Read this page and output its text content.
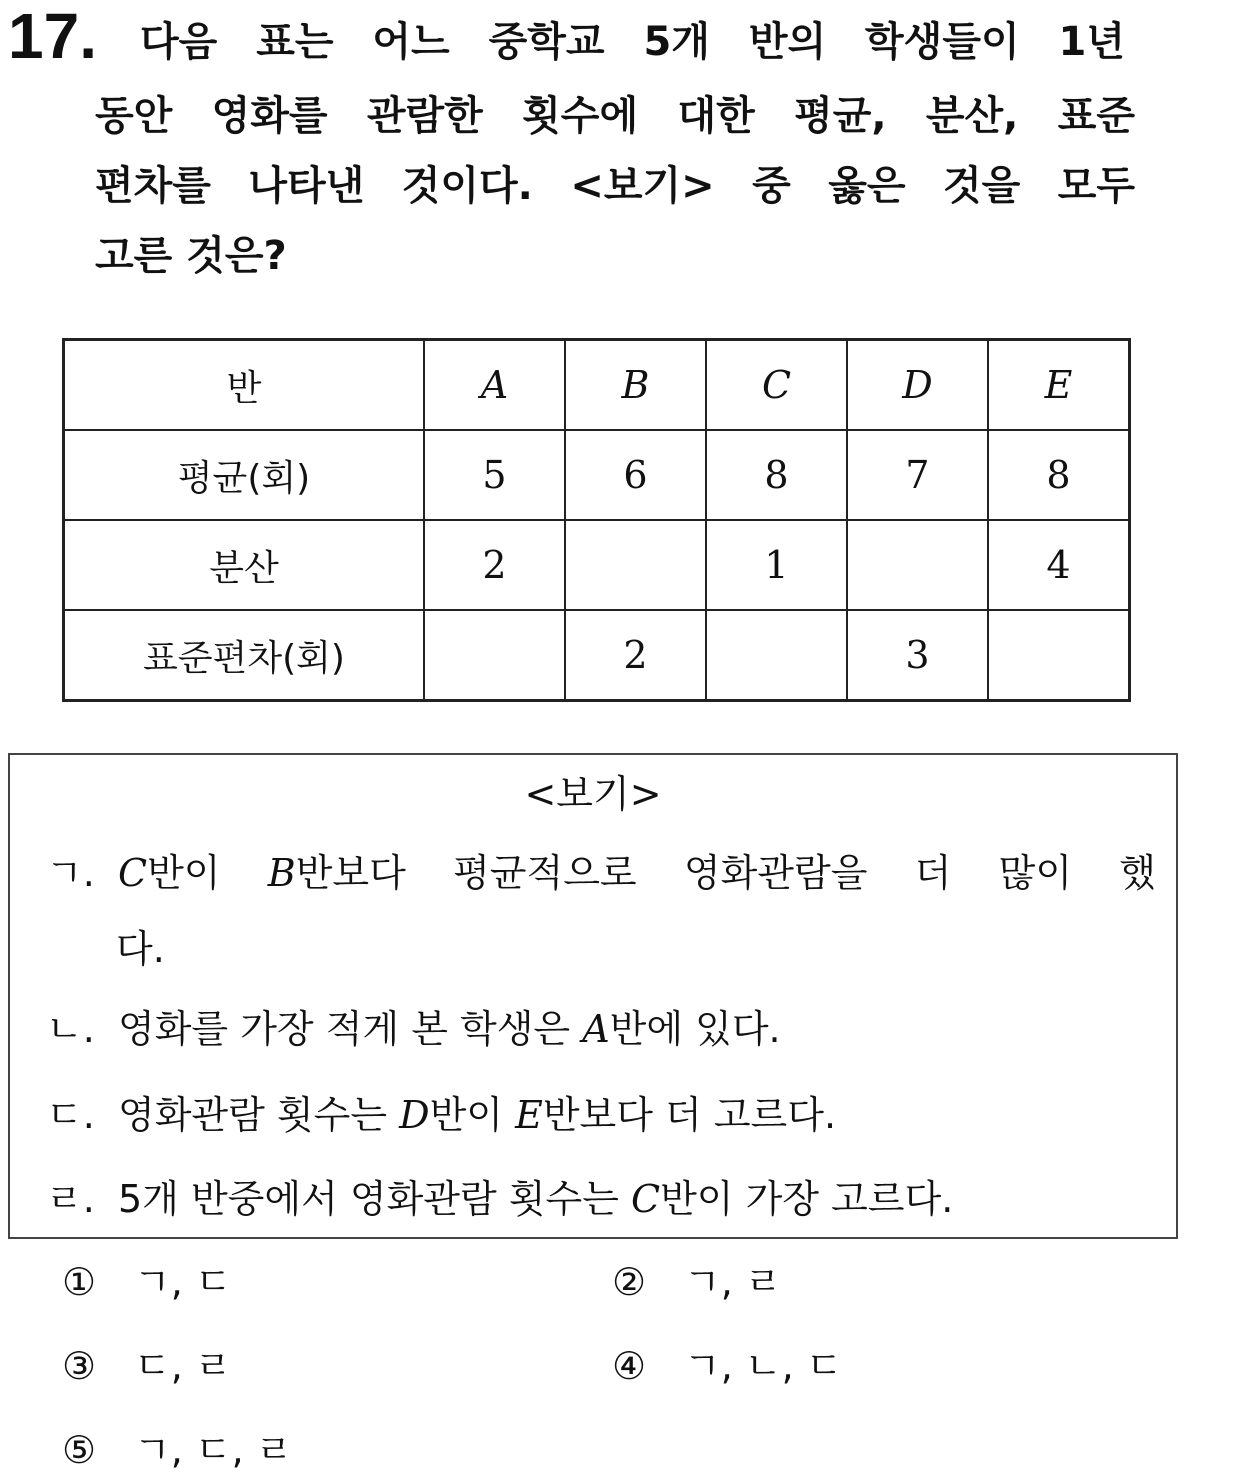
17. 다음 표는 어느 중학교 5개 반의 학생들이 1년
동안 영화를 관람한 횟수에 대한 평균, 분산, 표준
편차를 나타낸 것이다. <보기> 중 옳은 것을 모두
고른 것은?
반	A	B	C	D	E
평균(회)	5	6	8	7	8
분산	2		1		4
표준편차(회)		2		3	
<보기>
ㄱ. C반이 B반보다 평균적으로 영화관람을 더 많이 했
다.
ㄴ. 영화를 가장 적게 본 학생은 A반에 있다.
ㄷ. 영화관람 횟수는 D반이 E반보다 더 고르다.
ㄹ. 5개 반중에서 영화관람 횟수는 C반이 가장 고르다.
① ㄱ, ㄷ	② ㄱ, ㄹ
③ ㄷ, ㄹ	④ ㄱ, ㄴ, ㄷ
⑤ ㄱ, ㄷ, ㄹ
